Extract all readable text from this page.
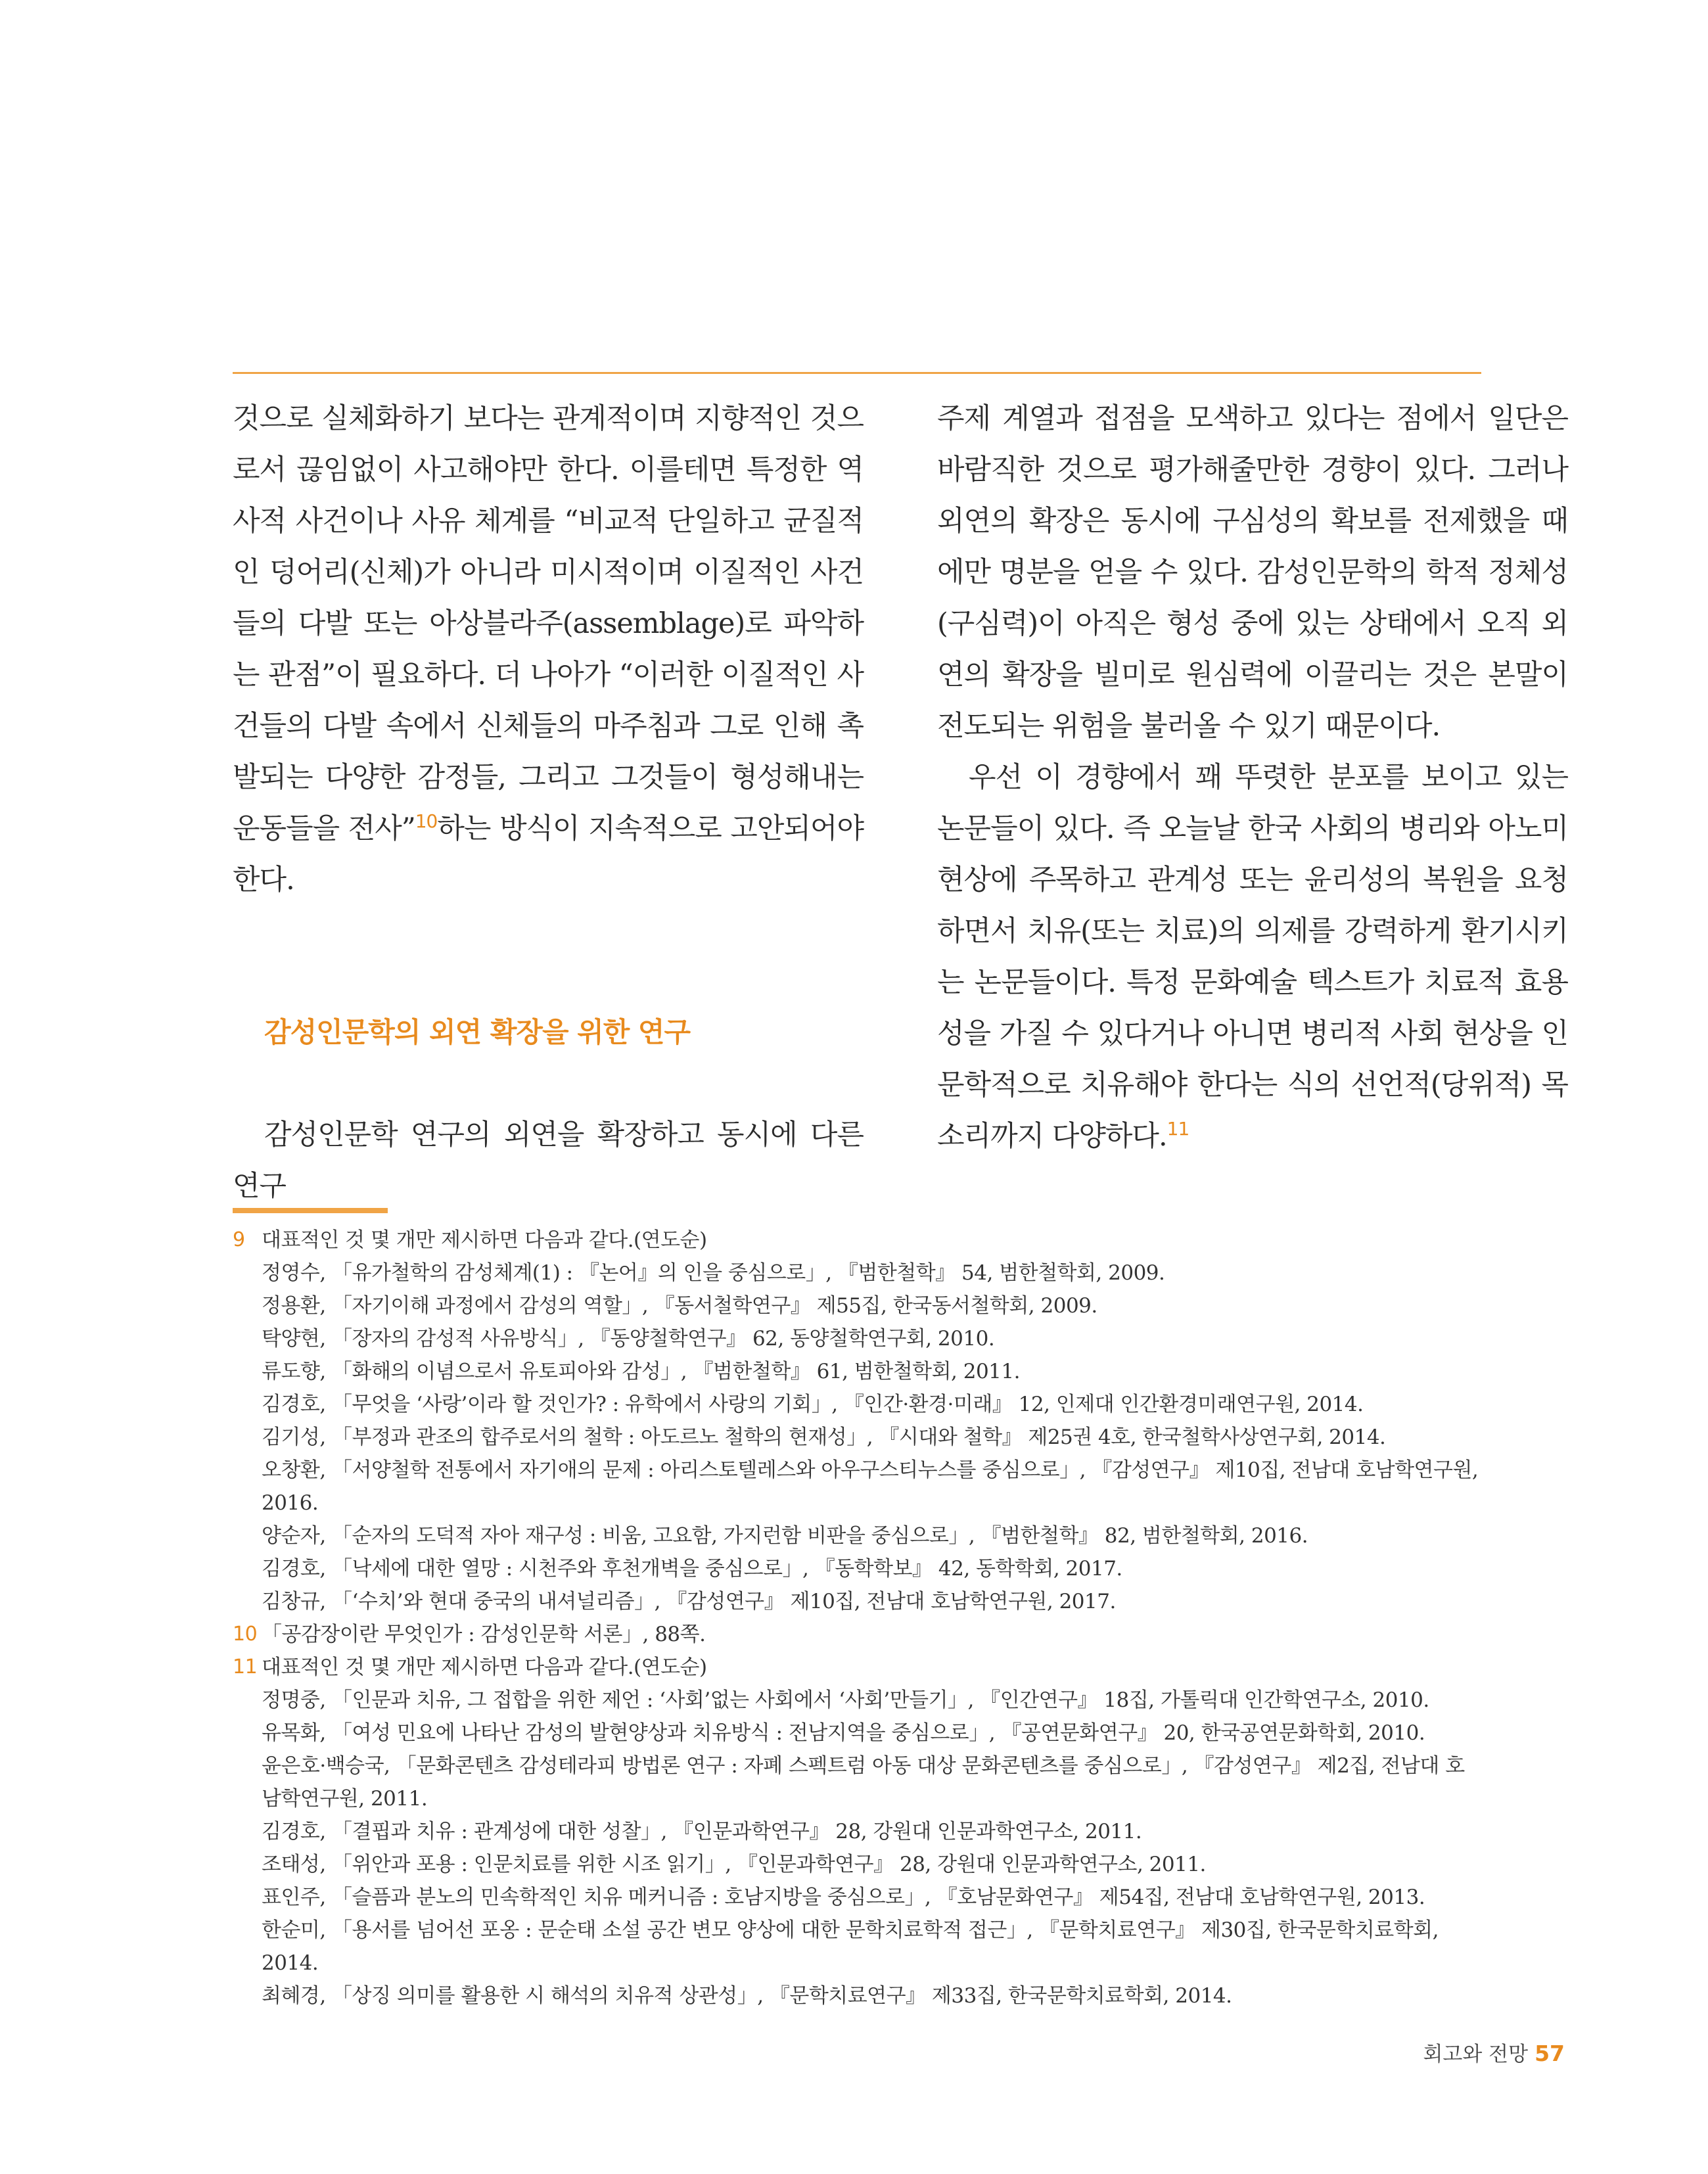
것으로 실체화하기 보다는 관계적이며 지향적인 것으로서 끊임없이 사고해야만 한다. 이를테면 특정한 역사적 사건이나 사유 체계를 “비교적 단일하고 균질적인 덩어리(신체)가 아니라 미시적이며 이질적인 사건들의 다발 또는 아상블라주(assemblage)로 파악하는 관점”이 필요하다. 더 나아가 “이러한 이질적인 사건들의 다발 속에서 신체들의 마주침과 그로 인해 촉발되는 다양한 감정들, 그리고 그것들이 형성해내는 운동들을 전사”$^{10}$하는 방식이 지속적으로 고안되어야 한다.

감성인문학의 외연 확장을 위한 연구

감성인문학 연구의 외연을 확장하고 동시에 다른 연구

주제 계열과 접점을 모색하고 있다는 점에서 일단은 바람직한 것으로 평가해줄만한 경향이 있다. 그러나 외연의 확장은 동시에 구심성의 확보를 전제했을 때에만 명분을 얻을 수 있다. 감성인문학의 학적 정체성(구심력)이 아직은 형성 중에 있는 상태에서 오직 외연의 확장을 빌미로 원심력에 이끌리는 것은 본말이 전도되는 위험을 불러올 수 있기 때문이다.

우선 이 경향에서 꽤 뚜렷한 분포를 보이고 있는 논문들이 있다. 즉 오늘날 한국 사회의 병리와 아노미 현상에 주목하고 관계성 또는 윤리성의 복원을 요청하면서 치유(또는 치료)의 의제를 강력하게 환기시키는 논문들이다. 특정 문화예술 텍스트가 치료적 효용성을 가질 수 있다거나 아니면 병리적 사회 현상을 인문학적으로 치유해야 한다는 식의 선언적(당위적) 목소리까지 다양하다.$^{11}$

9 대표적인 것 몇 개만 제시하면 다음과 같다.(연도순)
정영수, 「유가철학의 감성체계(1) : 『논어』의 인을 중심으로」, 『범한철학』 54, 범한철학회, 2009.
정용환, 「자기이해 과정에서 감성의 역할」, 『동서철학연구』 제55집, 한국동서철학회, 2009.
탁양현, 「장자의 감성적 사유방식」, 『동양철학연구』 62, 동양철학연구회, 2010.
류도향, 「화해의 이념으로서 유토피아와 감성」, 『범한철학』 61, 범한철학회, 2011.
김경호, 「무엇을 ‘사랑’이라 할 것인가? : 유학에서 사랑의 기회」, 『인간·환경·미래』 12, 인제대 인간환경미래연구원, 2014.
김기성, 「부정과 관조의 합주로서의 철학 : 아도르노 철학의 현재성」, 『시대와 철학』 제25권 4호, 한국철학사상연구회, 2014.
오창환, 「서양철학 전통에서 자기애의 문제 : 아리스토텔레스와 아우구스티누스를 중심으로」, 『감성연구』 제10집, 전남대 호남학연구원, 2016.
양순자, 「순자의 도덕적 자아 재구성 : 비움, 고요함, 가지런함 비판을 중심으로」, 『범한철학』 82, 범한철학회, 2016.
김경호, 「낙세에 대한 열망 : 시천주와 후천개벽을 중심으로」, 『동학학보』 42, 동학학회, 2017.
김창규, 「‘수치’와 현대 중국의 내셔널리즘」, 『감성연구』 제10집, 전남대 호남학연구원, 2017.
10 「공감장이란 무엇인가 : 감성인문학 서론」, 88쪽.
11 대표적인 것 몇 개만 제시하면 다음과 같다.(연도순)
정명중, 「인문과 치유, 그 접합을 위한 제언 : ‘사회’없는 사회에서 ‘사회’만들기」, 『인간연구』 18집, 가톨릭대 인간학연구소, 2010.
유목화, 「여성 민요에 나타난 감성의 발현양상과 치유방식 : 전남지역을 중심으로」, 『공연문화연구』 20, 한국공연문화학회, 2010.
윤은호·백승국, 「문화콘텐츠 감성테라피 방법론 연구 : 자폐 스펙트럼 아동 대상 문화콘텐츠를 중심으로」, 『감성연구』 제2집, 전남대 호남학연구원, 2011.
김경호, 「결핍과 치유 : 관계성에 대한 성찰」, 『인문과학연구』 28, 강원대 인문과학연구소, 2011.
조태성, 「위안과 포용 : 인문치료를 위한 시조 읽기」, 『인문과학연구』 28, 강원대 인문과학연구소, 2011.
표인주, 「슬픔과 분노의 민속학적인 치유 메커니즘 : 호남지방을 중심으로」, 『호남문화연구』 제54집, 전남대 호남학연구원, 2013.
한순미, 「용서를 넘어선 포옹 : 문순태 소설 공간 변모 양상에 대한 문학치료학적 접근」, 『문학치료연구』 제30집, 한국문학치료학회, 2014.
최혜경, 「상징 의미를 활용한 시 해석의 치유적 상관성」, 『문학치료연구』 제33집, 한국문학치료학회, 2014.
회고와 전망 57
